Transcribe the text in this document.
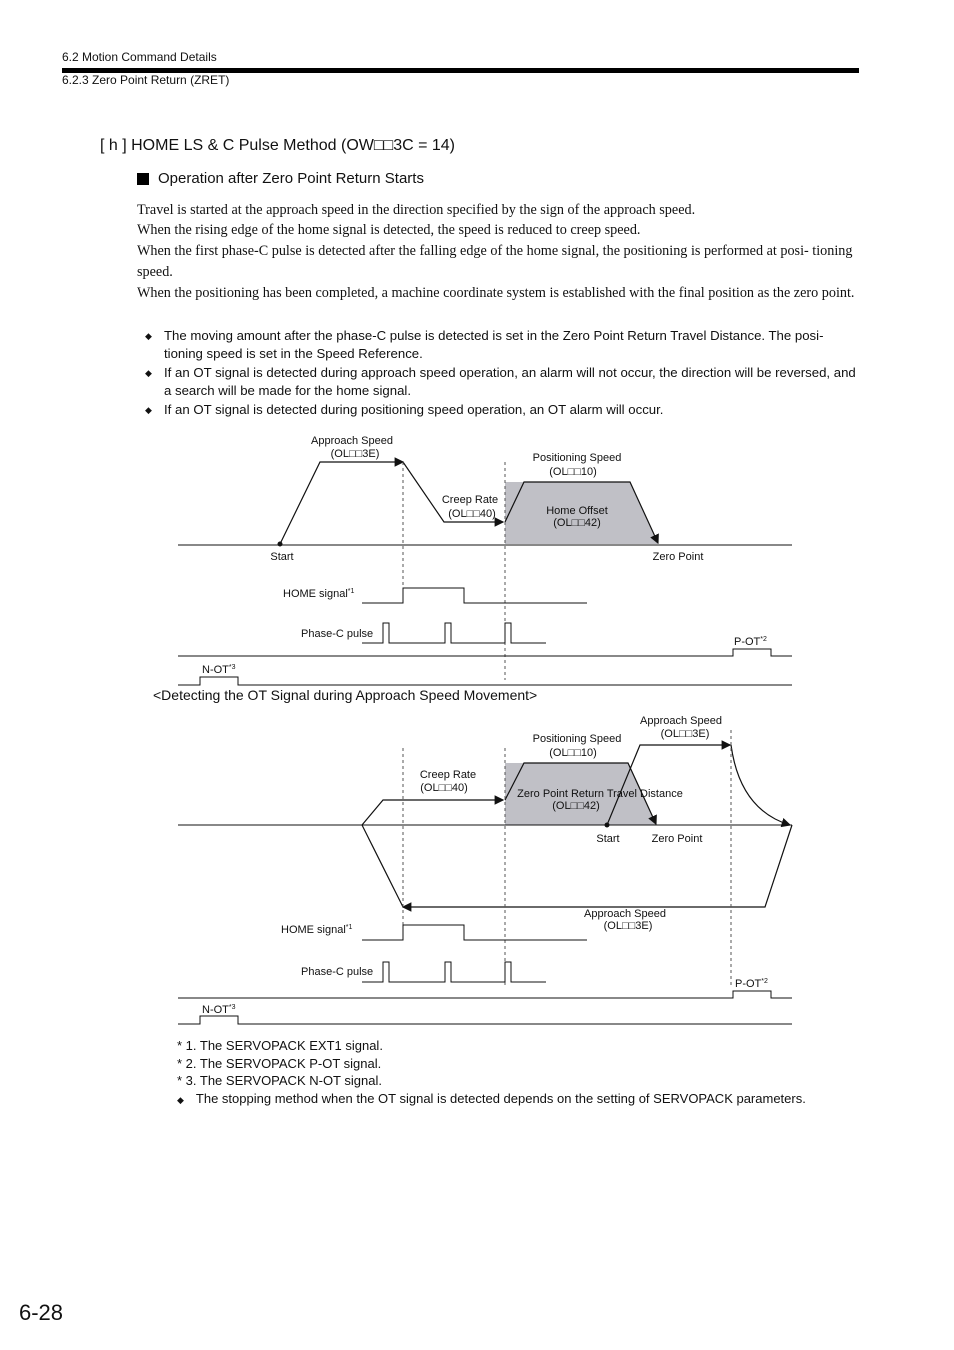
6.2 Motion Command Details
6.2.3 Zero Point Return (ZRET)
[ h ] HOME LS & C Pulse Method (OW□□3C = 14)
Operation after Zero Point Return Starts
Travel is started at the approach speed in the direction specified by the sign of the approach speed.
When the rising edge of the home signal is detected, the speed is reduced to creep speed.
When the first phase-C pulse is detected after the falling edge of the home signal, the positioning is performed at posi- tioning speed.
When the positioning has been completed, a machine coordinate system is established with the final position as the zero point.
◆ The moving amount after the phase-C pulse is detected is set in the Zero Point Return Travel Distance. The posi- tioning speed is set in the Speed Reference.
◆ If an OT signal is detected during approach speed operation, an alarm will not occur, the direction will be reversed, and a search will be made for the home signal.
◆ If an OT signal is detected during positioning speed operation, an OT alarm will occur.
Approach Speed
(OL□□3E)	Positioning Speed
(OL□□10)
Creep Rate
(OL□□40)	Home Offset
(OL□□42)
Start	Zero Point
HOME signal$^{*1}$
Phase-C pulse
P-OT$^{*2}$
$N-OT^{*3}$
<Detecting the OT Signal during Approach Speed Movement>
Approach Speed
(OL□□3E)
Positioning Speed
(OL□□10)
Creep Rate
(OL□□40)	Zero Point Return Travel Distance
(OL□□42)
Start	Zero Point
Approach Speed
(OL□□3E)
HOME signal$^{*1}$
Phase-C pulse
P-OT$^{*2}$
N-OT$^{*3}$
* 1. The SERVOPACK EXT1 signal.
* 2. The SERVOPACK P-OT signal.
* 3. The SERVOPACK N-OT signal.
◆ The stopping method when the OT signal is detected depends on the setting of SERVOPACK parameters.
6-28
